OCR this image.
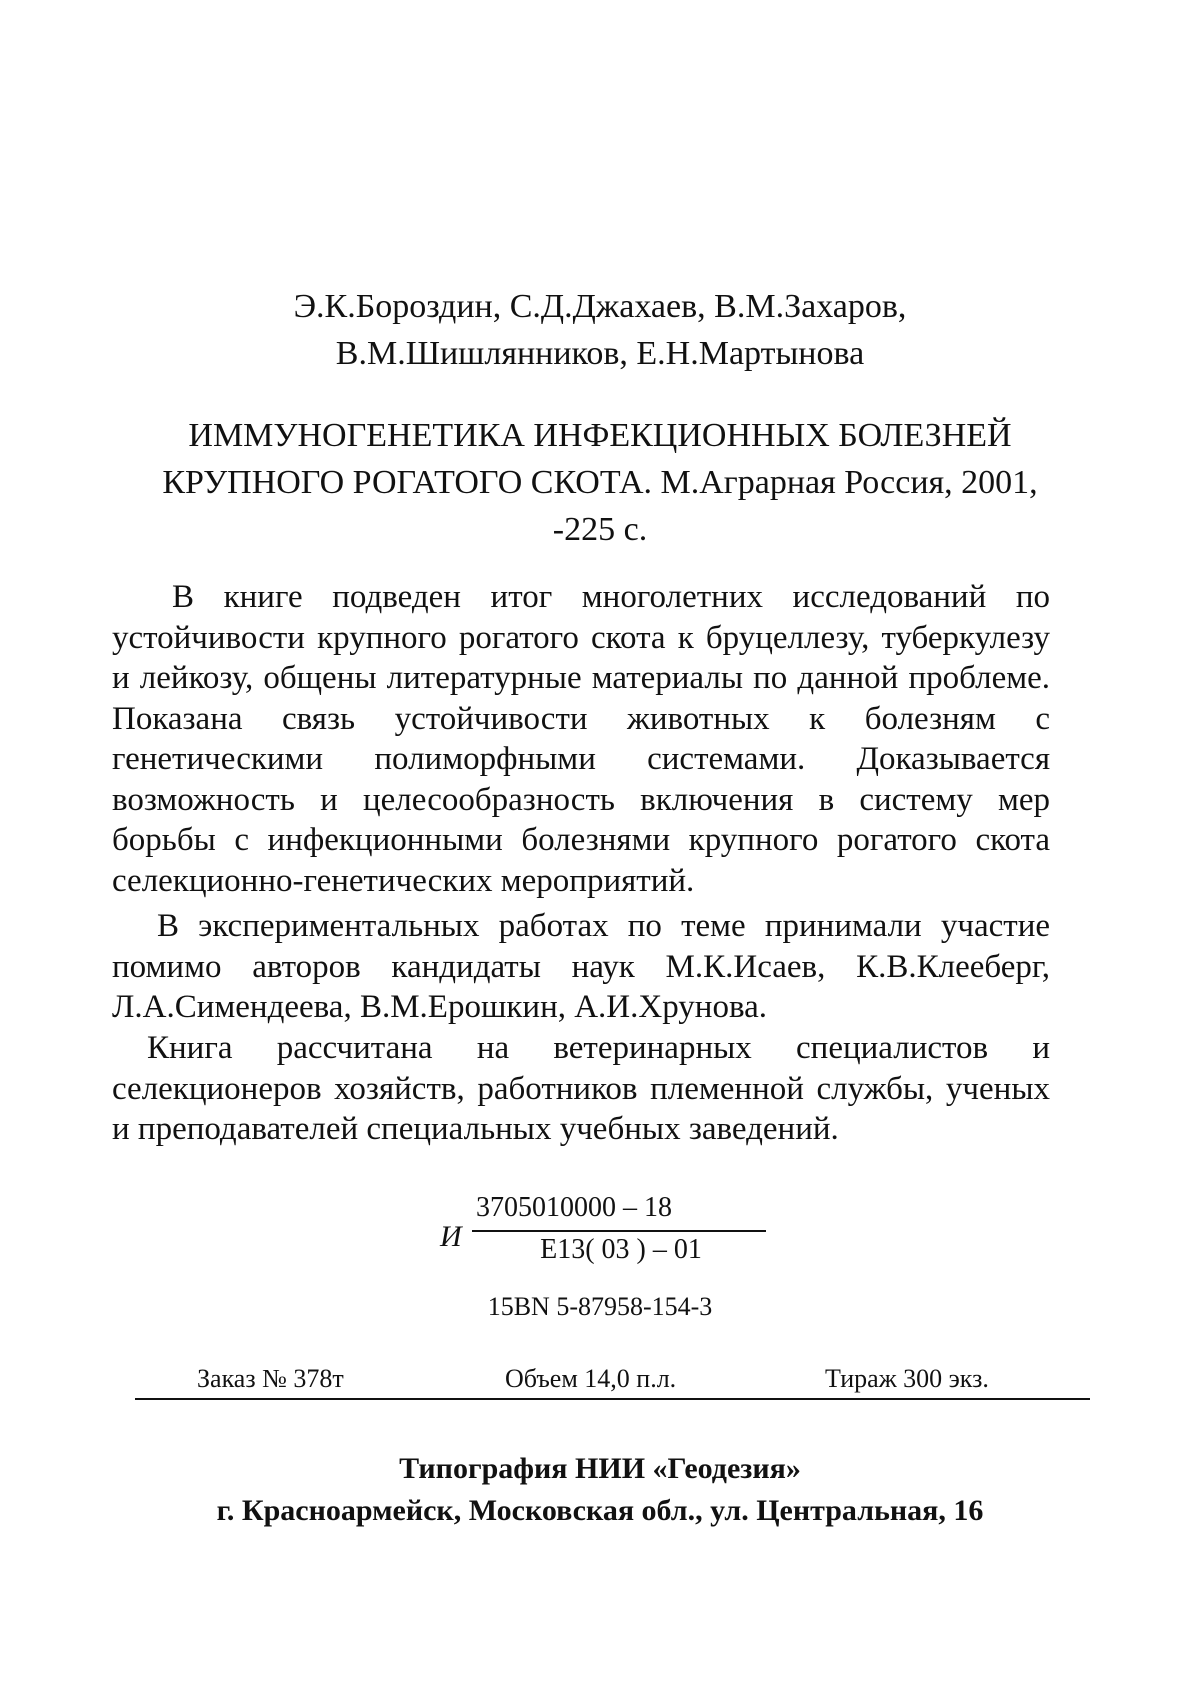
Э.К.Бороздин, С.Д.Джахаев, В.М.Захаров,
В.М.Шишлянников, Е.Н.Мартынова
ИММУНОГЕНЕТИКА ИНФЕКЦИОННЫХ БОЛЕЗНЕЙ
КРУПНОГО РОГАТОГО СКОТА. М.Аграрная Россия, 2001,
-225 с.
В книге подведен итог многолетних исследований по устойчивости крупного рогатого скота к бруцеллезу, туберкулезу и лейкозу, общены литературные материалы по данной проблеме. Показана связь устойчивости животных к болезням с генетическими полиморфными системами. Доказывается возможность и целесообразность включения в систему мер борьбы с инфекционными болезнями крупного рогатого скота селекционно-генетических мероприятий.
В экспериментальных работах по теме принимали участие помимо авторов кандидаты наук М.К.Исаев, К.В.Клееберг, Л.А.Симендеева, В.М.Ерошкин, А.И.Хрунова.
Книга рассчитана на ветеринарных специалистов и селекционеров хозяйств, работников племенной службы, ученых и преподавателей специальных учебных заведений.
И
3705010000 – 18
Е13( 03 ) – 01
15BN 5-87958-154-3
Заказ № 378т	Объем 14,0 п.л.	Тираж 300 экз.
Типография НИИ «Геодезия»
г. Красноармейск, Московская обл., ул. Центральная, 16
